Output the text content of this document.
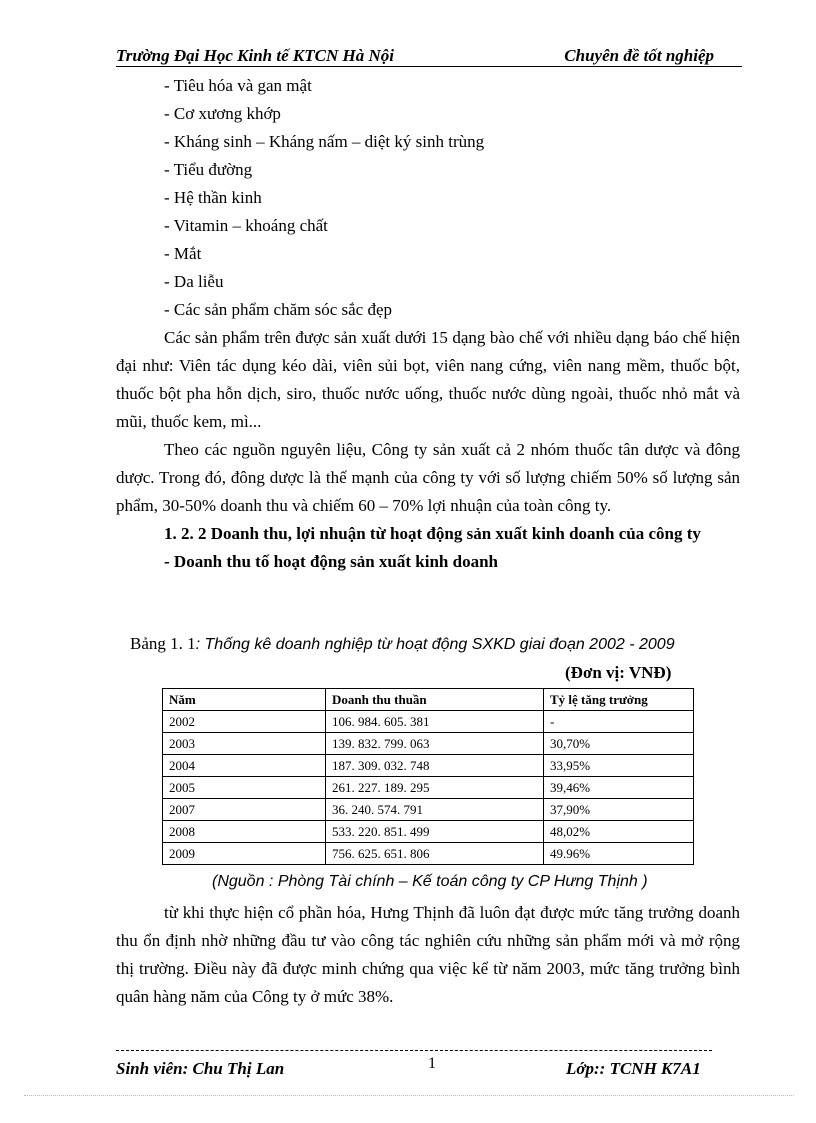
Trường Đại Học Kinh tế KTCN Hà Nội	Chuyên đề tốt nghiệp
- Tiêu hóa và gan mật
- Cơ xương khớp
- Kháng sinh – Kháng nấm – diệt ký sinh trùng
- Tiểu đường
- Hệ thần kinh
- Vitamin – khoáng chất
- Mắt
- Da liễu
- Các sản phẩm chăm sóc sắc đẹp

Các sản phẩm trên được sản xuất dưới 15 dạng bào chế với nhiều dạng báo chế hiện đại như: Viên tác dụng kéo dài, viên sủi bọt, viên nang cứng, viên nang mềm, thuốc bột, thuốc bột pha hỗn dịch, siro, thuốc nước uống, thuốc nước dùng ngoài, thuốc nhỏ mắt và mũi, thuốc kem, mì...

Theo các nguồn nguyên liệu, Công ty sản xuất cả 2 nhóm thuốc tân dược và đông dược. Trong đó, đông dược là thế mạnh của công ty với số lượng chiếm 50% số lượng sản phẩm, 30-50% doanh thu và chiếm 60 – 70% lợi nhuận của toàn công ty.

1. 2. 2 Doanh thu, lợi nhuận từ hoạt động sản xuất kinh doanh của công ty

- Doanh thu tố hoạt động sản xuất kinh doanh

Bảng 1. 1: Thống kê doanh nghiệp từ hoạt động SXKD giai đoạn 2002 - 2009
(Đơn vị: VNĐ)
Năm	Doanh thu thuần	Tỷ lệ tăng trưởng
2002	106. 984. 605. 381	-
2003	139. 832. 799. 063	30,70%
2004	187. 309. 032. 748	33,95%
2005	261. 227. 189. 295	39,46%
2007	36. 240. 574. 791	37,90%
2008	533. 220. 851. 499	48,02%
2009	756. 625. 651. 806	49.96%
(Nguồn : Phòng Tài chính – Kế toán công ty CP Hưng Thịnh )

từ khi thực hiện cổ phần hóa, Hưng Thịnh đã luôn đạt được mức tăng trưởng doanh thu ổn định nhờ những đầu tư vào công tác nghiên cứu những sản phẩm mới và mở rộng thị trường. Điều này đã được minh chứng qua việc kể từ năm 2003, mức tăng trưởng bình quân hàng năm của Công ty ở mức 38%.

Sinh viên: Chu Thị Lan	1	Lớp:: TCNH K7A1
